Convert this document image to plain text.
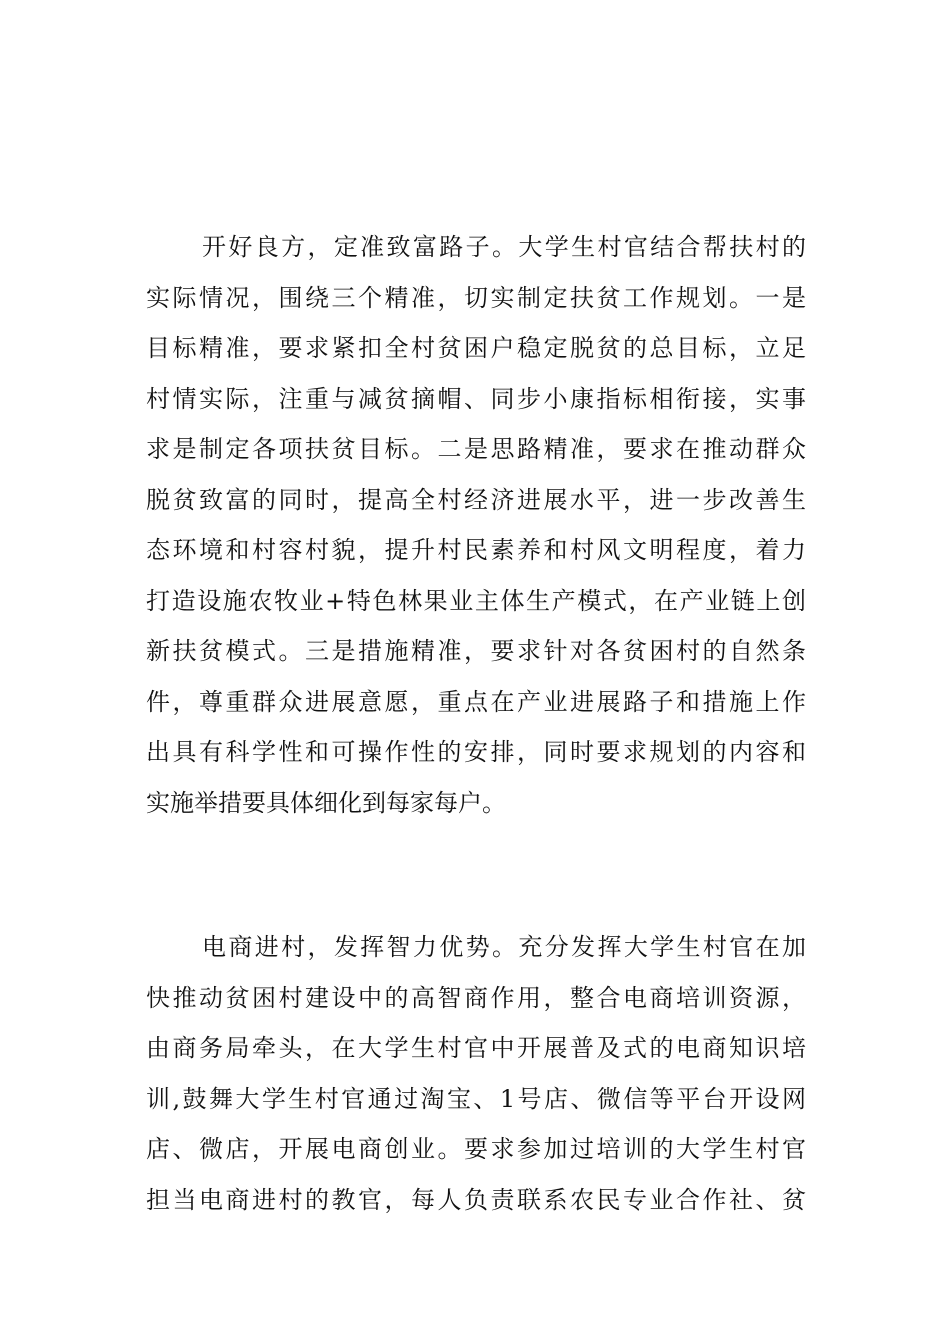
开好良方，定准致富路子。大学生村官结合帮扶村的
实际情况，围绕三个精准，切实制定扶贫工作规划。一是
目标精准，要求紧扣全村贫困户稳定脱贫的总目标，立足
村情实际，注重与减贫摘帽、同步小康指标相衔接，实事
求是制定各项扶贫目标。二是思路精准，要求在推动群众
脱贫致富的同时，提高全村经济进展水平，进一步改善生
态环境和村容村貌，提升村民素养和村风文明程度，着力
打造设施农牧业+特色林果业主体生产模式，在产业链上创
新扶贫模式。三是措施精准，要求针对各贫困村的自然条
件，尊重群众进展意愿，重点在产业进展路子和措施上作
出具有科学性和可操作性的安排，同时要求规划的内容和
实施举措要具体细化到每家每户。

电商进村，发挥智力优势。充分发挥大学生村官在加
快推动贫困村建设中的高智商作用，整合电商培训资源，
由商务局牵头，在大学生村官中开展普及式的电商知识培
训,鼓舞大学生村官通过淘宝、1号店、微信等平台开设网
店、微店，开展电商创业。要求参加过培训的大学生村官
担当电商进村的教官，每人负责联系农民专业合作社、贫
